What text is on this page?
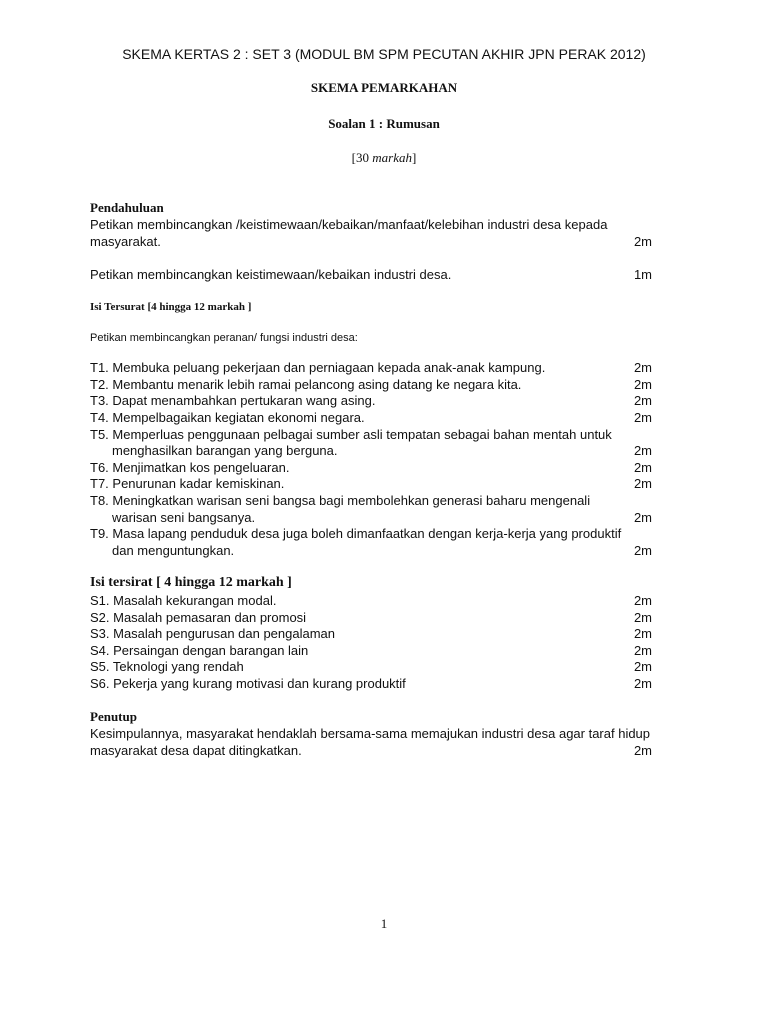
SKEMA KERTAS 2 : SET 3 (MODUL BM SPM PECUTAN AKHIR JPN PERAK 2012)
SKEMA PEMARKAHAN
Soalan 1 : Rumusan
[30 markah]
Pendahuluan
Petikan membincangkan /keistimewaan/kebaikan/manfaat/kelebihan industri desa kepada
masyarakat.	2m
Petikan membincangkan keistimewaan/kebaikan industri desa.	1m
Isi Tersurat [4 hingga 12 markah ]
Petikan membincangkan peranan/ fungsi industri desa:
T1. Membuka peluang pekerjaan dan perniagaan kepada anak-anak kampung.	2m
T2. Membantu menarik lebih ramai pelancong asing datang ke negara kita.	2m
T3. Dapat menambahkan pertukaran wang asing.	2m
T4. Mempelbagaikan kegiatan ekonomi negara.	2m
T5. Memperluas penggunaan pelbagai sumber asli tempatan sebagai bahan mentah untuk
menghasilkan barangan yang berguna.	2m
T6. Menjimatkan kos pengeluaran.	2m
T7. Penurunan kadar kemiskinan.	2m
T8. Meningkatkan warisan seni bangsa bagi membolehkan generasi baharu mengenali
warisan seni bangsanya.	2m
T9. Masa lapang penduduk desa juga boleh dimanfaatkan dengan kerja-kerja yang produktif
dan menguntungkan.	2m
Isi tersirat [ 4 hingga 12 markah ]
S1. Masalah kekurangan modal.	2m
S2. Masalah pemasaran dan promosi	2m
S3. Masalah pengurusan dan pengalaman	2m
S4. Persaingan dengan barangan lain	2m
S5. Teknologi yang rendah	2m
S6. Pekerja yang kurang motivasi dan kurang produktif	2m
Penutup
Kesimpulannya, masyarakat hendaklah bersama-sama memajukan industri desa agar taraf hidup
masyarakat desa dapat ditingkatkan.	2m
1
